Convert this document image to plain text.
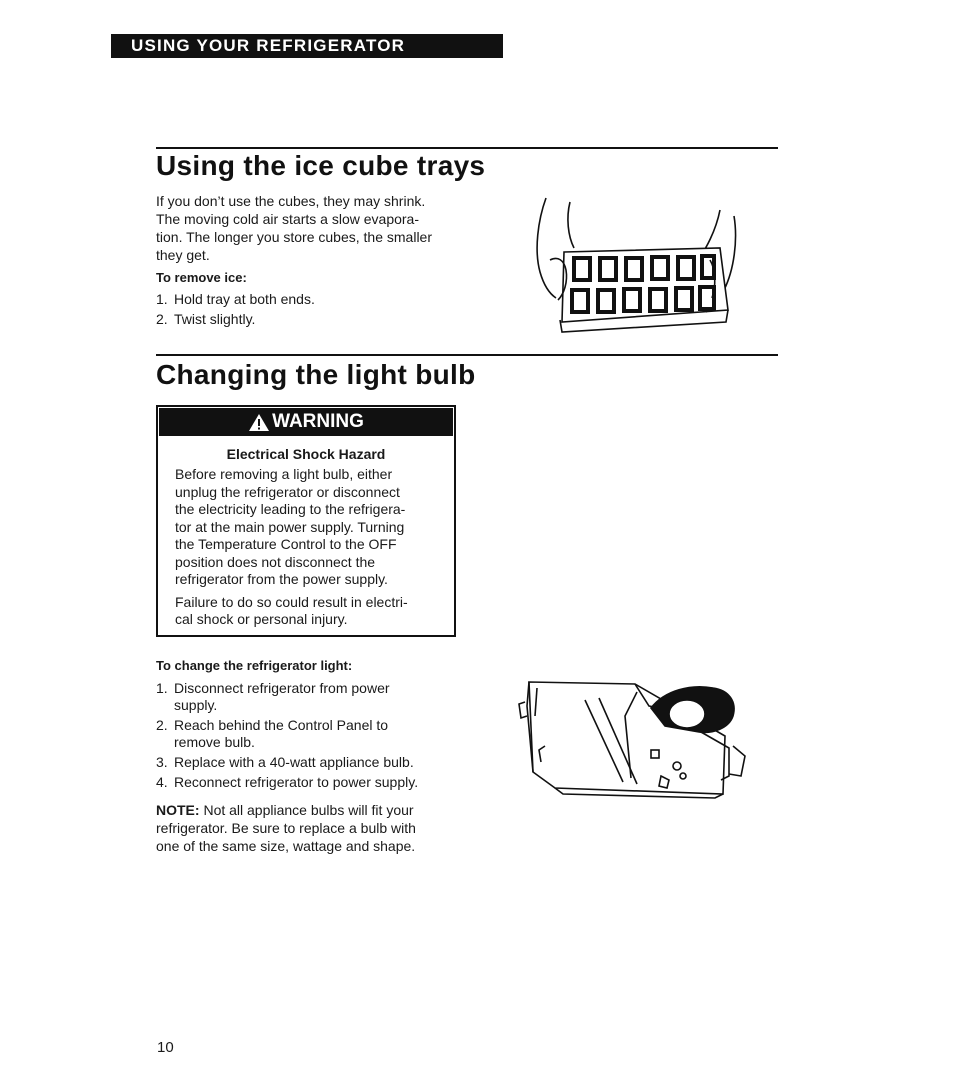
USING YOUR REFRIGERATOR
Using the ice cube trays
If you don’t use the cubes, they may shrink.
The moving cold air starts a slow evapora-
tion. The longer you store cubes, the smaller
they get.
To remove ice:
1. Hold tray at both ends.
2. Twist slightly.
Changing the light bulb
WARNING
Electrical Shock Hazard

Before removing a light bulb, either
unplug the refrigerator or disconnect
the electricity leading to the refrigera-
tor at the main power supply. Turning
the Temperature Control to the OFF
position does not disconnect the
refrigerator from the power supply.

Failure to do so could result in electri-
cal shock or personal injury.

To change the refrigerator light:
1. Disconnect refrigerator from power
supply.
2. Reach behind the Control Panel to
remove bulb.
3. Replace with a 40-watt appliance bulb.
4. Reconnect refrigerator to power supply.
NOTE: Not all appliance bulbs will fit your
refrigerator. Be sure to replace a bulb with
one of the same size, wattage and shape.
10
